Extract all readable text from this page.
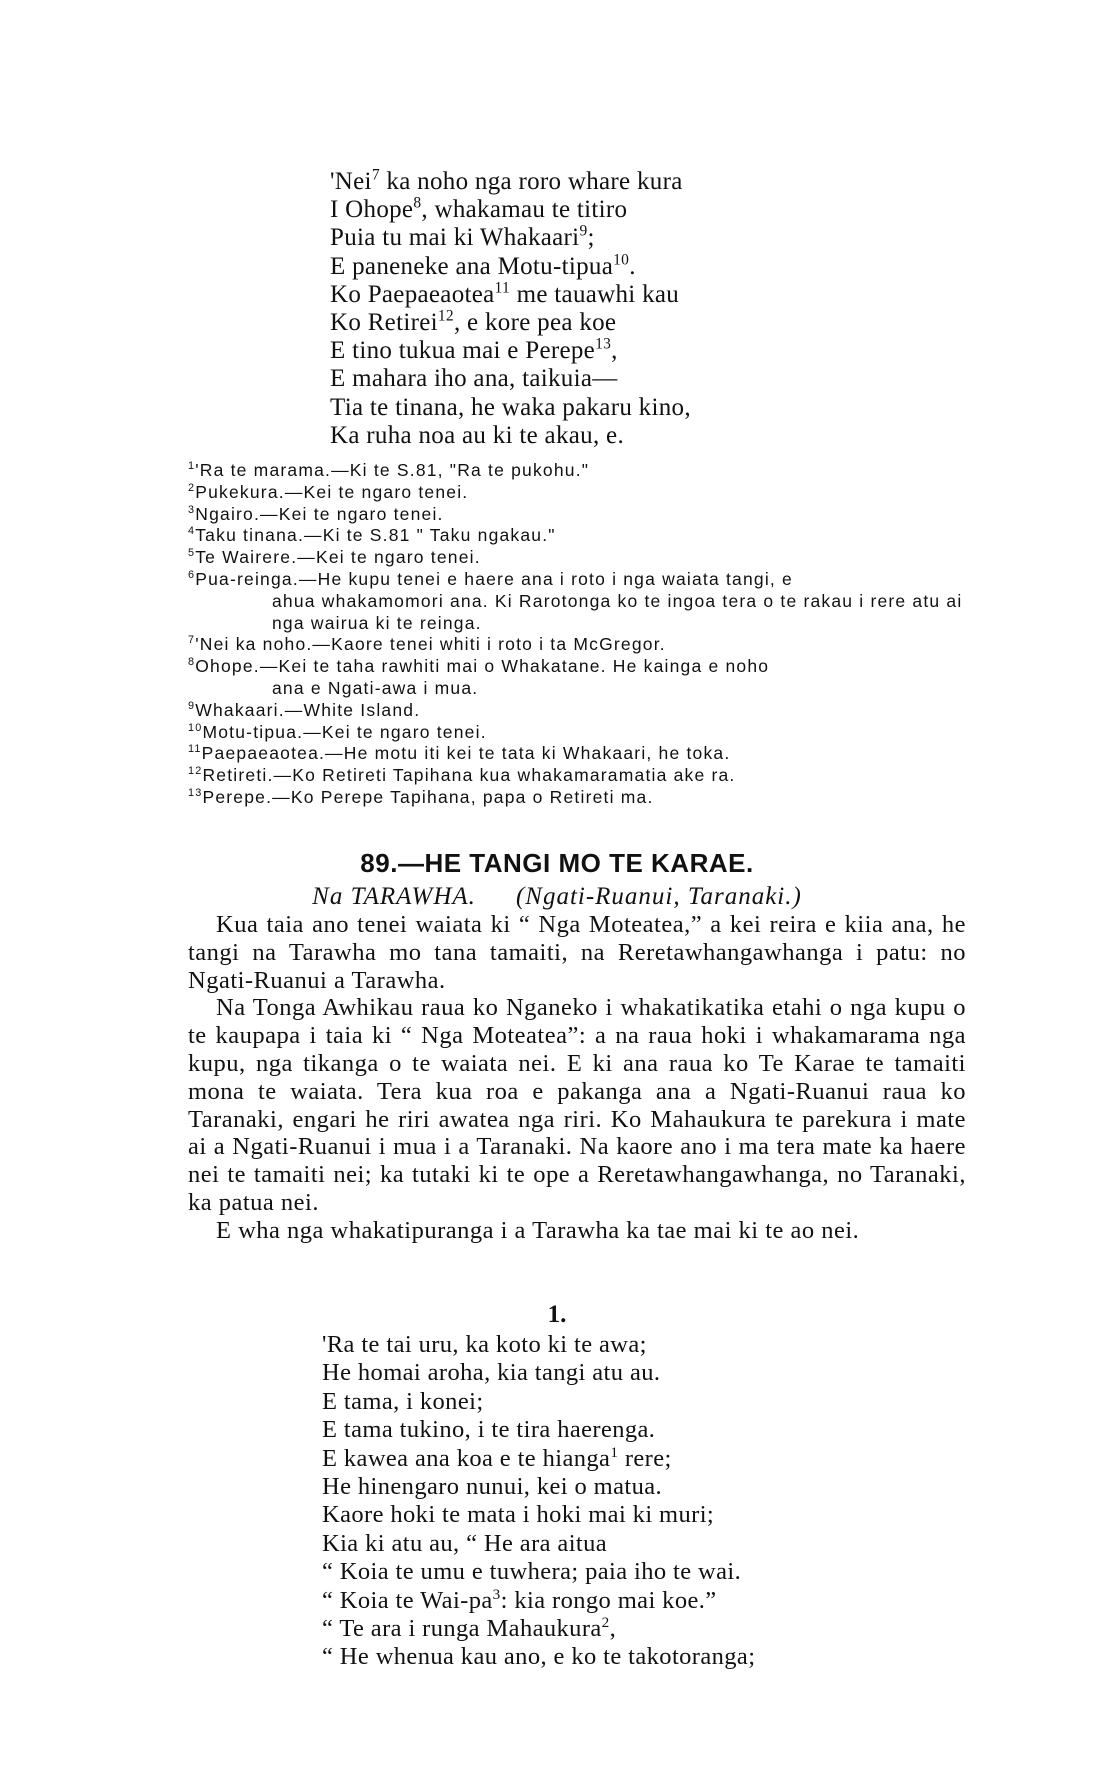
'Nei$^7$ ka noho nga roro whare kura
I Ohope$^8$, whakamau te titiro
Puia tu mai ki Whakaari$^9$;
E paneneke ana Motu-tipua$^{10}$.
Ko Paepaeaotea$^{11}$ me tauawhi kau
Ko Retirei$^{12}$, e kore pea koe
E tino tukua mai e Perepe$^{13}$,
E mahara iho ana, taikuia—
Tia te tinana, he waka pakaru kino,
Ka ruha noa au ki te akau, e.
$^1$'Ra te marama.—Ki te S.81, "Ra te pukohu."
$^2$Pukekura.—Kei te ngaro tenei.
$^3$Ngairo.—Kei te ngaro tenei.
$^4$Taku tinana.—Ki te S.81 " Taku ngakau."
$^5$Te Wairere.—Kei te ngaro tenei.
$^6$Pua-reinga.—He kupu tenei e haere ana i roto i nga waiata tangi, e
ahua whakamomori ana. Ki Rarotonga ko te ingoa tera o te rakau i rere atu ai nga wairua ki te reinga.
$^7$'Nei ka noho.—Kaore tenei whiti i roto i ta McGregor.
$^8$Ohope.—Kei te taha rawhiti mai o Whakatane. He kainga e noho
ana e Ngati-awa i mua.
$^9$Whakaari.—White Island.
$^{10}$Motu-tipua.—Kei te ngaro tenei.
$^{11}$Paepaeaotea.—He motu iti kei te tata ki Whakaari, he toka.
$^{12}$Retireti.—Ko Retireti Tapihana kua whakamaramatia ake ra.
$^{13}$Perepe.—Ko Perepe Tapihana, papa o Retireti ma.
89.—HE TANGI MO TE KARAE.
Na TARAWHA. (Ngati-Ruanui, Taranaki.)

Kua taia ano tenei waiata ki “ Nga Moteatea,” a kei reira e kiia ana, he tangi na Tarawha mo tana tamaiti, na Reretawhangawhanga i patu: no Ngati-Ruanui a Tarawha.

Na Tonga Awhikau raua ko Nganeko i whakatikatika etahi o nga kupu o te kaupapa i taia ki “ Nga Moteatea”: a na raua hoki i whakamarama nga kupu, nga tikanga o te waiata nei. E ki ana raua ko Te Karae te tamaiti mona te waiata. Tera kua roa e pakanga ana a Ngati-Ruanui raua ko Taranaki, engari he riri awatea nga riri. Ko Mahaukura te parekura i mate ai a Ngati-Ruanui i mua i a Taranaki. Na kaore ano i ma tera mate ka haere nei te tamaiti nei; ka tutaki ki te ope a Reretawhangawhanga, no Taranaki, ka patua nei.

E wha nga whakatipuranga i a Tarawha ka tae mai ki te ao nei.

1.
'Ra te tai uru, ka koto ki te awa;
He homai aroha, kia tangi atu au.
E tama, i konei;
E tama tukino, i te tira haerenga.
E kawea ana koa e te hianga$^1$ rere;
He hinengaro nunui, kei o matua.
Kaore hoki te mata i hoki mai ki muri;
Kia ki atu au, “ He ara aitua
“ Koia te umu e tuwhera; paia iho te wai.
“ Koia te Wai-$pa^3$: kia rongo mai koe.”
“ Te ara i runga Mahaukura$^2$,
“ He whenua kau ano, e ko te takotoranga;
